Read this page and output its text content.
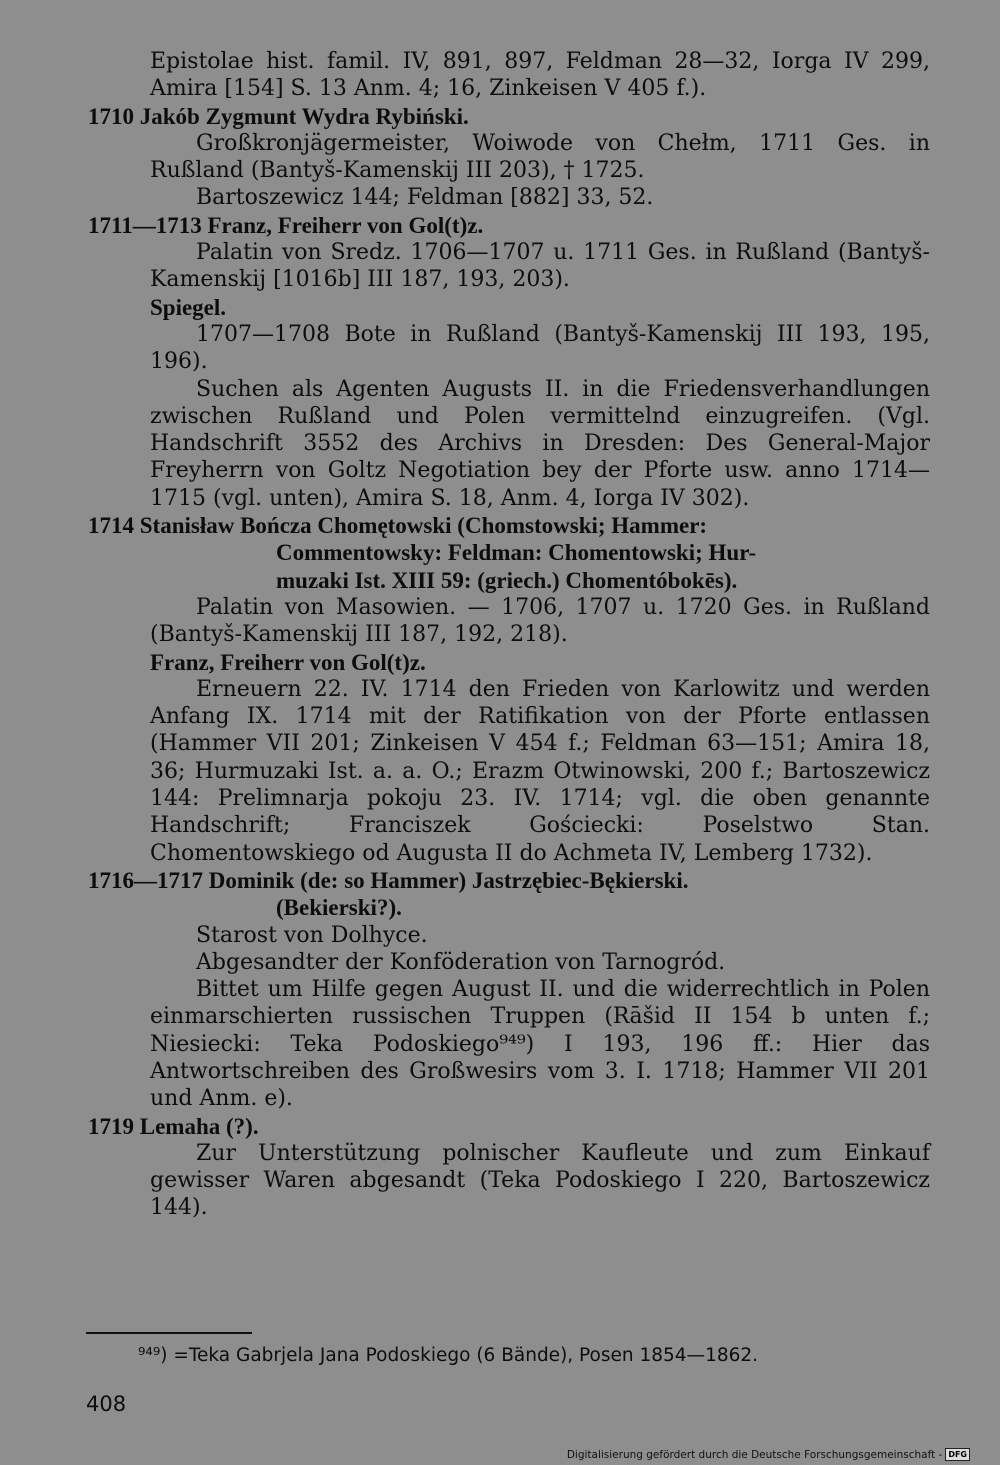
Epistolae hist. famil. IV, 891, 897, Feldman 28—32, Iorga IV 299, Amira [154] S. 13 Anm. 4; 16, Zinkeisen V 405 f.).

1710 Jakób Zygmunt Wydra Rybiński.

Großkronjägermeister, Woiwode von Chełm, 1711 Ges. in Rußland (Bantyš-Kamenskij III 203), † 1725.

Bartoszewicz 144; Feldman [882] 33, 52.

1711—1713 Franz, Freiherr von Gol(t)z.

Palatin von Sredz. 1706—1707 u. 1711 Ges. in Rußland (Bantyš-Kamenskij [1016b] III 187, 193, 203).

Spiegel.

1707—1708 Bote in Rußland (Bantyš-Kamenskij III 193, 195, 196).

Suchen als Agenten Augusts II. in die Friedensverhandlungen zwischen Rußland und Polen vermittelnd einzugreifen. (Vgl. Handschrift 3552 des Archivs in Dresden: Des General-Major Freyherrn von Goltz Negotiation bey der Pforte usw. anno 1714—1715 (vgl. unten), Amira S. 18, Anm. 4, Iorga IV 302).

1714 Stanisław Bończa Chomętowski (Chomstowski; Hammer:

Commentowsky: Feldman: Chomentowski; Hur-

muzaki Ist. XIII 59: (griech.) Chomentóbokēs).

Palatin von Masowien. — 1706, 1707 u. 1720 Ges. in Rußland (Bantyš-Kamenskij III 187, 192, 218).

Franz, Freiherr von Gol(t)z.

Erneuern 22. IV. 1714 den Frieden von Karlowitz und werden Anfang IX. 1714 mit der Ratifikation von der Pforte entlassen (Hammer VII 201; Zinkeisen V 454 f.; Feldman 63—151; Amira 18, 36; Hurmuzaki Ist. a. a. O.; Erazm Otwinowski, 200 f.; Bartoszewicz 144: Prelimnarja pokoju 23. IV. 1714; vgl. die oben genannte Handschrift; Franciszek Gościecki: Poselstwo Stan. Chomentowskiego od Augusta II do Achmeta IV, Lemberg 1732).

1716—1717 Dominik (de: so Hammer) Jastrzębiec-Bękierski.

(Bekierski?).

Starost von Dolhyce.

Abgesandter der Konföderation von Tarnogród.

Bittet um Hilfe gegen August II. und die widerrechtlich in Polen einmarschierten russischen Truppen (Rāšid II 154 b unten f.; Niesiecki: Teka Podoskiego⁹⁴⁹) I 193, 196 ff.: Hier das Antwortschreiben des Großwesirs vom 3. I. 1718; Hammer VII 201 und Anm. e).

1719 Lemaha (?).

Zur Unterstützung polnischer Kaufleute und zum Einkauf gewisser Waren abgesandt (Teka Podoskiego I 220, Bartoszewicz 144).

⁹⁴⁹) =Teka Gabrjela Jana Podoskiego (6 Bände), Posen 1854—1862.
408
Digitalisierung gefördert durch die Deutsche Forschungsgemeinschaft - DFG
